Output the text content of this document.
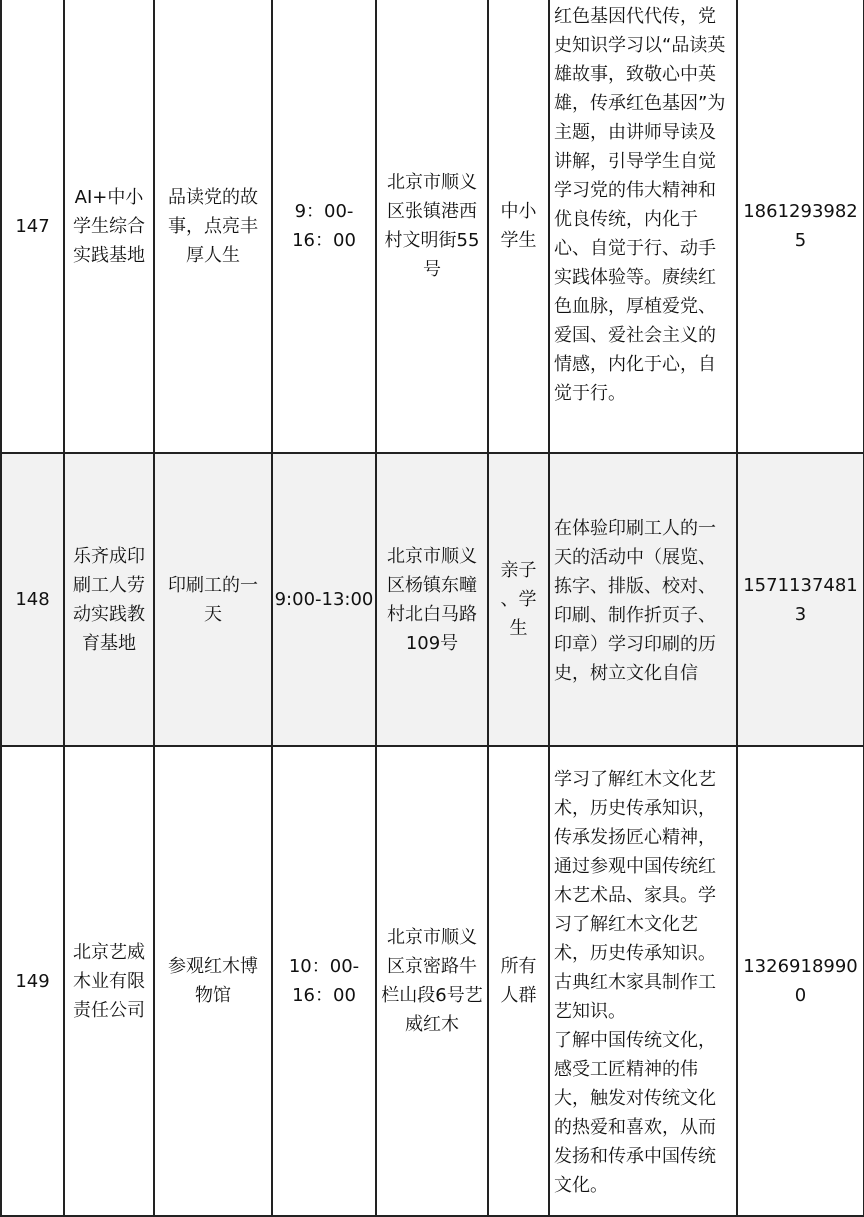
147	AI+中小
学生综合
实践基地	品读党的故
事，点亮丰
厚人生	9：00-
16：00	北京市顺义
区张镇港西
村文明街55
号	中小
学生	红色基因代代传，党史知识学习以“品读英雄故事，致敬心中英雄，传承红色基因”为主题，由讲师导读及讲解，引导学生自觉学习党的伟大精神和优良传统，内化于心、自觉于行、动手实践体验等。赓续红色血脉，厚植爱党、爱国、爱社会主义的情感，内化于心，自觉于行。	1861293982
5
148	乐齐成印
刷工人劳
动实践教
育基地	印刷工的一
天	9:00-13:00	北京市顺义
区杨镇东疃
村北白马路
109号	亲子
、学
生	在体验印刷工人的一天的活动中（展览、拣字、排版、校对、印刷、制作折页子、印章）学习印刷的历史，树立文化自信	1571137481
3
149	北京艺威
木业有限
责任公司	参观红木博
物馆	10：00-
16：00	北京市顺义
区京密路牛
栏山段6号艺
威红木	所有
人群	学习了解红木文化艺术，历史传承知识，传承发扬匠心精神，通过参观中国传统红木艺术品、家具。学习了解红木文化艺术，历史传承知识。古典红木家具制作工艺知识。
了解中国传统文化，感受工匠精神的伟大，触发对传统文化的热爱和喜欢，从而发扬和传承中国传统文化。	1326918990
0
